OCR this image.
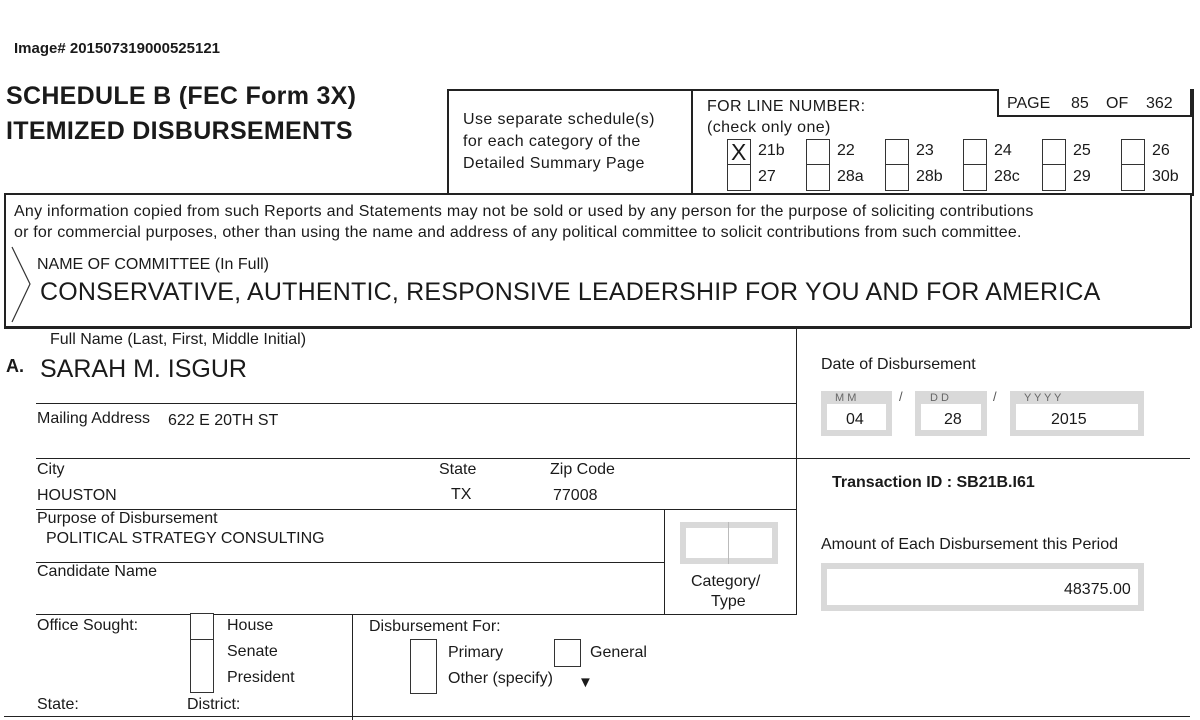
Image# 201507319000525121
SCHEDULE B (FEC Form 3X)
ITEMIZED DISBURSEMENTS	Use separate schedule(s)
for each category of the
Detailed Summary Page
FOR LINE NUMBER:
(check only one)
PAGE 85 OF 362
X 21b	22	23	24	25	26
27	28a	28b	28c	29	30b
Any information copied from such Reports and Statements may not be sold or used by any person for the purpose of soliciting contributions
or for commercial purposes, other than using the name and address of any political committee to solicit contributions from such committee.
NAME OF COMMITTEE (In Full)
CONSERVATIVE, AUTHENTIC, RESPONSIVE LEADERSHIP FOR YOU AND FOR AMERICA
A.
Full Name (Last, First, Middle Initial)
SARAH M. ISGUR
Mailing Address 622 E 20TH ST
City
HOUSTON
State
TX
Zip Code
77008
Purpose of Disbursement
POLITICAL STRATEGY CONSULTING
Candidate Name
Category/
Type
Office Sought:	House
Senate
President
State:	District:
Disbursement For:
Primary
Other (specify) ▼
General
Date of Disbursement
M M
04
/ D D
28
/ Y Y Y Y
2015
Transaction ID : SB21B.I61
Amount of Each Disbursement this Period
48375.00
